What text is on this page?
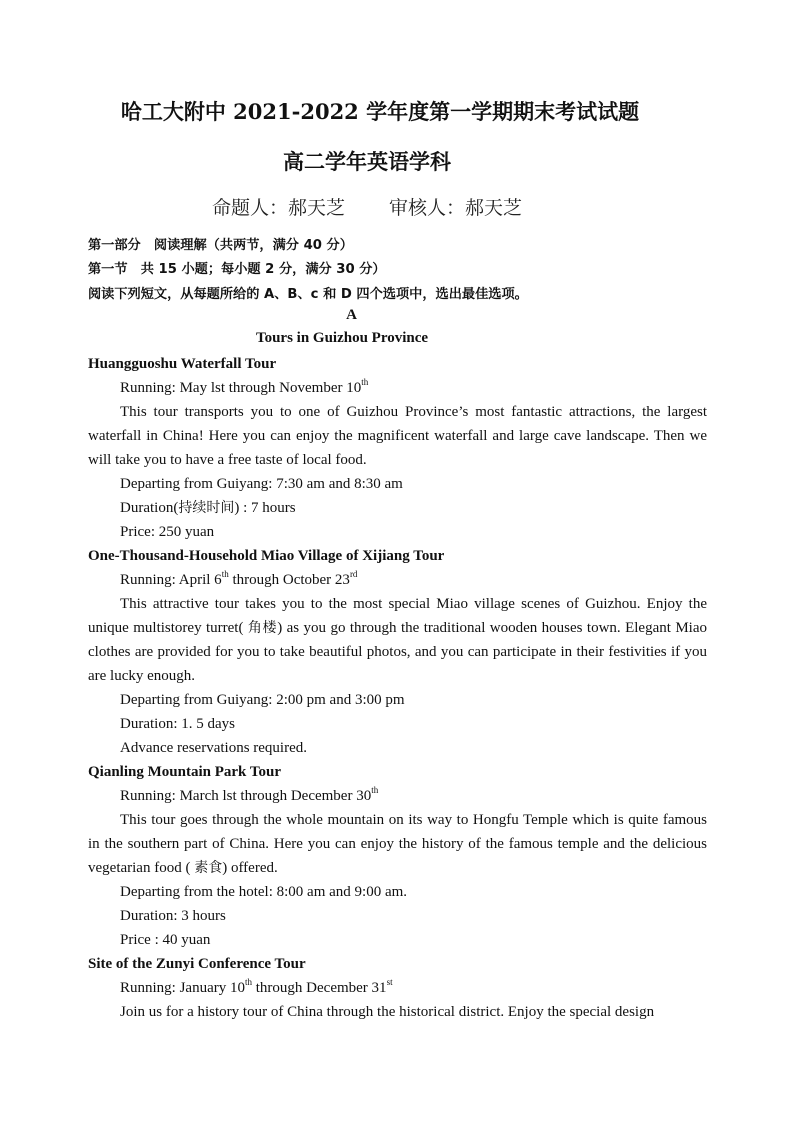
哈工大附中 2021-2022 学年度第一学期期末考试试题
高二学年英语学科
命题人：郝天芝 审核人：郝天芝
第一部分　阅读理解（共两节，满分 40 分）
第一节　共 15 小题；每小题 2 分，满分 30 分）
阅读下列短文，从每题所给的 A、B、c 和 D 四个选项中，选出最佳选项。
A
Tours in Guizhou Province
Huangguoshu Waterfall Tour
Running: May lst through November 10th
This tour transports you to one of Guizhou Province’s most fantastic attractions, the largest waterfall in China! Here you can enjoy the magnificent waterfall and large cave landscape. Then we will take you to have a free taste of local food.
Departing from Guiyang: 7:30 am and 8:30 am
Duration(持续时间) : 7 hours
Price: 250 yuan
One-Thousand-Household Miao Village of Xijiang Tour
Running: April 6th through October 23rd
This attractive tour takes you to the most special Miao village scenes of Guizhou. Enjoy the unique multistorey turret( 角楼) as you go through the traditional wooden houses town. Elegant Miao clothes are provided for you to take beautiful photos, and you can participate in their festivities if you are lucky enough.
Departing from Guiyang: 2:00 pm and 3:00 pm
Duration: 1. 5 days
Advance reservations required.
Qianling Mountain Park Tour
Running: March lst through December 30th
This tour goes through the whole mountain on its way to Hongfu Temple which is quite famous in the southern part of China. Here you can enjoy the history of the famous temple and the delicious vegetarian food ( 素食) offered.
Departing from the hotel: 8:00 am and 9:00 am.
Duration: 3 hours
Price : 40 yuan
Site of the Zunyi Conference Tour
Running: January 10th through December 31st
Join us for a history tour of China through the historical district. Enjoy the special design
